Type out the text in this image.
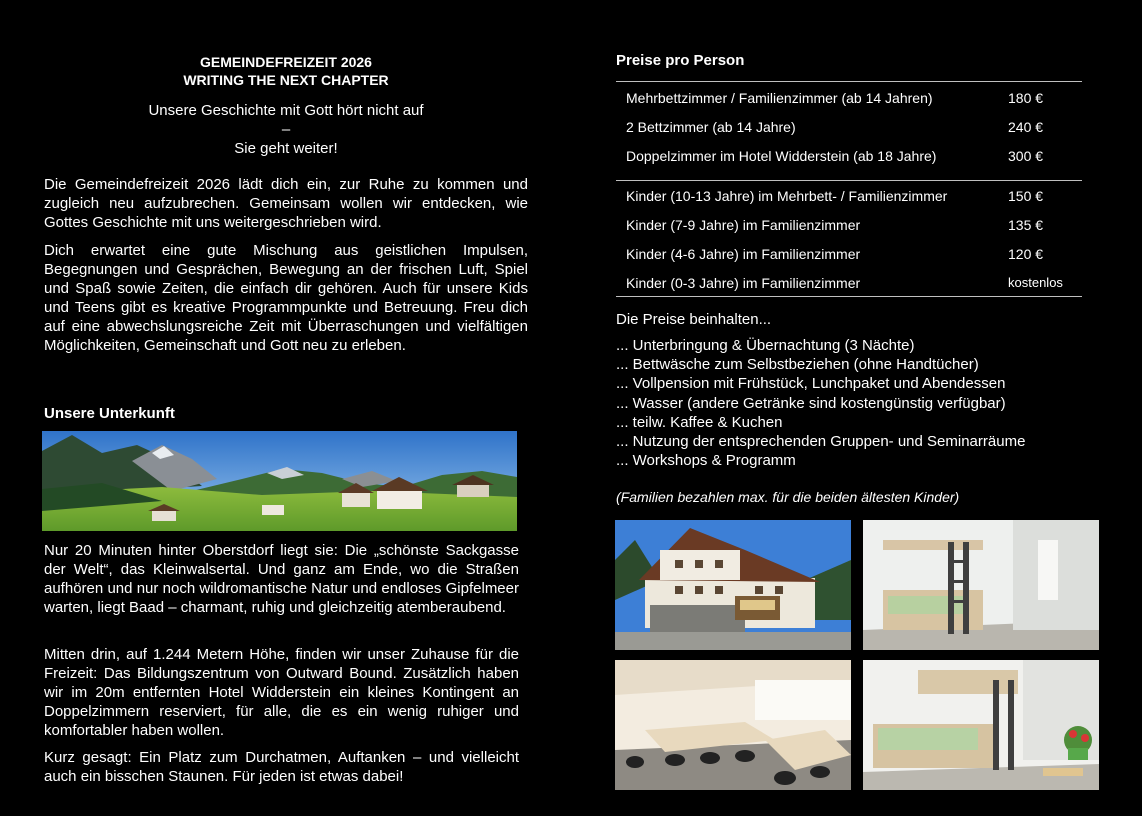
GEMEINDEFREIZEIT 2026
WRITING THE NEXT CHAPTER
Unsere Geschichte mit Gott hört nicht auf
–
Sie geht weiter!

Die Gemeindefreizeit 2026 lädt dich ein, zur Ruhe zu kommen und zugleich neu aufzubrechen. Gemeinsam wollen wir entdecken, wie Gottes Geschichte mit uns weitergeschrieben wird.

Dich erwartet eine gute Mischung aus geistlichen Impulsen, Begegnungen und Gesprächen, Bewegung an der frischen Luft, Spiel und Spaß sowie Zeiten, die einfach dir gehören. Auch für unsere Kids und Teens gibt es kreative Programmpunkte und Betreuung. Freu dich auf eine abwechslungsreiche Zeit mit Überraschungen und vielfältigen Möglichkeiten, Gemeinschaft und Gott neu zu erleben.

Unsere Unterkunft

Nur 20 Minuten hinter Oberstdorf liegt sie: Die „schönste Sackgasse der Welt“, das Kleinwalsertal. Und ganz am Ende, wo die Straßen aufhören und nur noch wildromantische Natur und endloses Gipfelmeer warten, liegt Baad – charmant, ruhig und gleichzeitig atemberaubend.

Mitten drin, auf 1.244 Metern Höhe, finden wir unser Zuhause für die Freizeit: Das Bildungszentrum von Outward Bound. Zusätzlich haben wir im 20m entfernten Hotel Widderstein ein kleines Kontingent an Doppelzimmern reserviert, für alle, die es ein wenig ruhiger und komfortabler haben wollen.

Kurz gesagt: Ein Platz zum Durchatmen, Auftanken – und vielleicht auch ein bisschen Staunen. Für jeden ist etwas dabei!

Preise pro Person
Mehrbettzimmer / Familienzimmer (ab 14 Jahren)	180 €
2 Bettzimmer (ab 14 Jahre)	240 €
Doppelzimmer im Hotel Widderstein (ab 18 Jahre)	300 €
Kinder (10-13 Jahre) im Mehrbett- / Familienzimmer	150 €
Kinder (7-9 Jahre) im Familienzimmer	135 €
Kinder (4-6 Jahre) im Familienzimmer	120 €
Kinder (0-3 Jahre) im Familienzimmer	kostenlos
Die Preise beinhalten...
... Unterbringung & Übernachtung (3 Nächte)
... Bettwäsche zum Selbstbeziehen (ohne Handtücher)
... Vollpension mit Frühstück, Lunchpaket und Abendessen
... Wasser (andere Getränke sind kostengünstig verfügbar)
... teilw. Kaffee & Kuchen
... Nutzung der entsprechenden Gruppen- und Seminarräume
... Workshops & Programm
(Familien bezahlen max. für die beiden ältesten Kinder)
